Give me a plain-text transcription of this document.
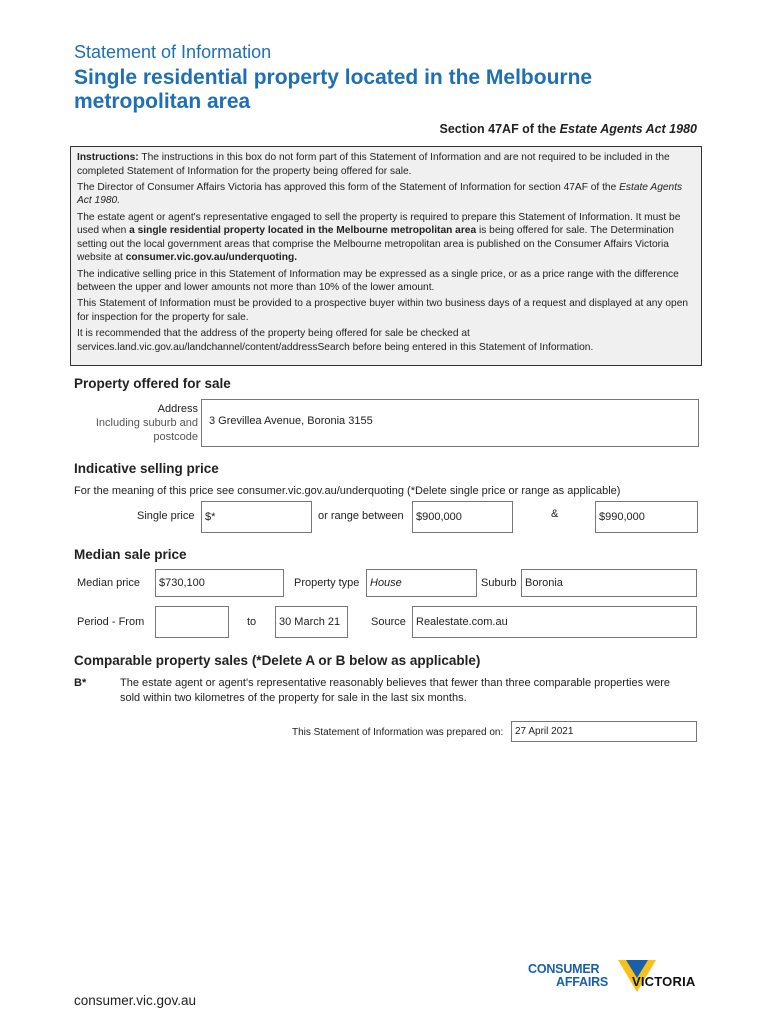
Statement of Information
Single residential property located in the Melbourne metropolitan area
Section 47AF of the Estate Agents Act 1980

Instructions: The instructions in this box do not form part of this Statement of Information and are not required to be included in the completed Statement of Information for the property being offered for sale.

The Director of Consumer Affairs Victoria has approved this form of the Statement of Information for section 47AF of the Estate Agents Act 1980.

The estate agent or agent's representative engaged to sell the property is required to prepare this Statement of Information. It must be used when a single residential property located in the Melbourne metropolitan area is being offered for sale. The Determination setting out the local government areas that comprise the Melbourne metropolitan area is published on the Consumer Affairs Victoria website at consumer.vic.gov.au/underquoting.

The indicative selling price in this Statement of Information may be expressed as a single price, or as a price range with the difference between the upper and lower amounts not more than 10% of the lower amount.

This Statement of Information must be provided to a prospective buyer within two business days of a request and displayed at any open for inspection for the property for sale.

It is recommended that the address of the property being offered for sale be checked at services.land.vic.gov.au/landchannel/content/addressSearch before being entered in this Statement of Information.

Property offered for sale
Address
Including suburb and
postcode
3 Grevillea Avenue, Boronia 3155
Indicative selling price
For the meaning of this price see consumer.vic.gov.au/underquoting (*Delete single price or range as applicable)
Single price $*	or range between $900,000	&	$990,000
Median sale price
Median price $730,100	Property type House	Suburb Boronia
Period - From	to 30 March 21	Source Realestate.com.au
Comparable property sales (*Delete A or B below as applicable)
B*	The estate agent or agent's representative reasonably believes that fewer than three comparable properties were sold within two kilometres of the property for sale in the last six months.
This Statement of Information was prepared on: 27 April 2021
CONSUMER
AFFAIRS VICTORIA
consumer.vic.gov.au
